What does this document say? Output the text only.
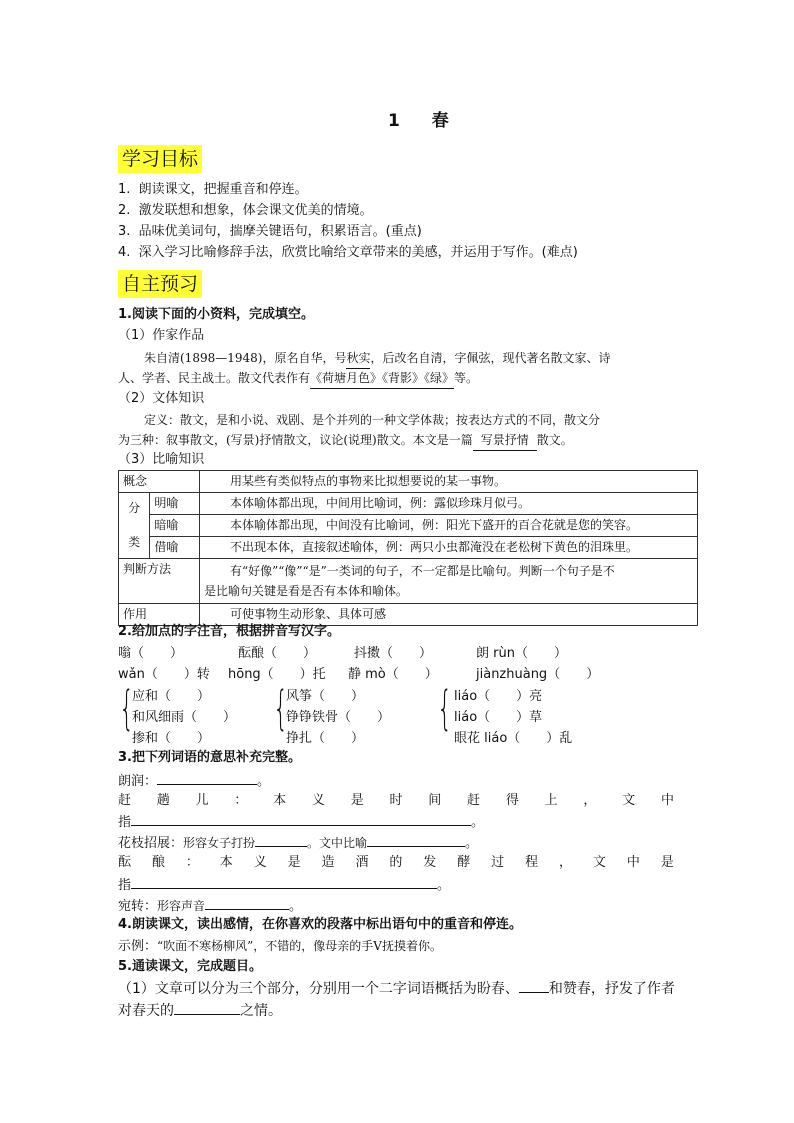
1 春
学习目标
1. 朗读课文，把握重音和停连。
2. 激发联想和想象，体会课文优美的情境。
3. 品味优美词句，揣摩关键语句，积累语言。(重点)
4. 深入学习比喻修辞手法，欣赏比喻给文章带来的美感，并运用于写作。(难点)
自主预习
1.阅读下面的小资料，完成填空。
（1）作家作品
朱自清(1898—1948)，原名自华，号秋实，后改名自清，字佩弦，现代著名散文家、诗
人、学者、民主战士。散文代表作有《荷塘月色》《背影》《绿》等。
（2）文体知识
定义：散文，是和小说、戏剧、是个并列的一种文学体裁；按表达方式的不同，散文分
为三种：叙事散文，(写景)抒情散文，议论(说理)散文。本文是一篇 写景抒情 散文。
（3）比喻知识
概念		用某些有类似特点的事物来比拟想要说的某一事物。
分

类	明喻	本体喻体都出现，中间用比喻词，例：露似珍珠月似弓。
	暗喻	本体喻体都出现，中间没有比喻词，例：阳光下盛开的百合花就是您的笑容。
	借喻	不出现本体，直接叙述喻体，例：两只小虫都淹没在老松树下黄色的泪珠里。
判断方法		有“好像”“像”“是”一类词的句子，不一定都是比喻句。判断一个句子是不
是比喻句关键是看是否有本体和喻体。
作用		可使事物生动形象、具体可感
2.给加点的字注音，根据拼音写汉字。
嗡（　　）	酝酿（　　）	抖擞（　　）	朗 rùn（　　）
wǎn（　　）转 hōng（　　）托 静 mò（　　）	jiànzhuàng（　　）
{
应和（　　）
和风细雨（　　）
掺和（　　）
{
风筝（　　）
铮铮铁骨（　　）
挣扎（　　）
{ liáo（　　）亮
liáo（　　）草
眼花 liáo（　　）乱
3.把下列词语的意思补充完整。
朗润：	。
赶 趟 儿 ： 本 义 是 时 间 赶 得 上 ， 文 中
指	。
花枝招展：形容女子打扮	。文中比喻	。
酝 酿 ： 本 义 是 造 酒 的 发 酵 过 程 ， 文 中 是
指	。
宛转：形容声音	。
4.朗读课文，读出感情，在你喜欢的段落中标出语句中的重音和停连。
示例：“吹面不寒杨柳风”，不错的，像母亲的手Ⅴ抚摸着你。
5.通读课文，完成题目。
（1）文章可以分为三个部分，分别用一个二字词语概括为盼春、 和赞春，抒发了作者
对春天的	之情。
